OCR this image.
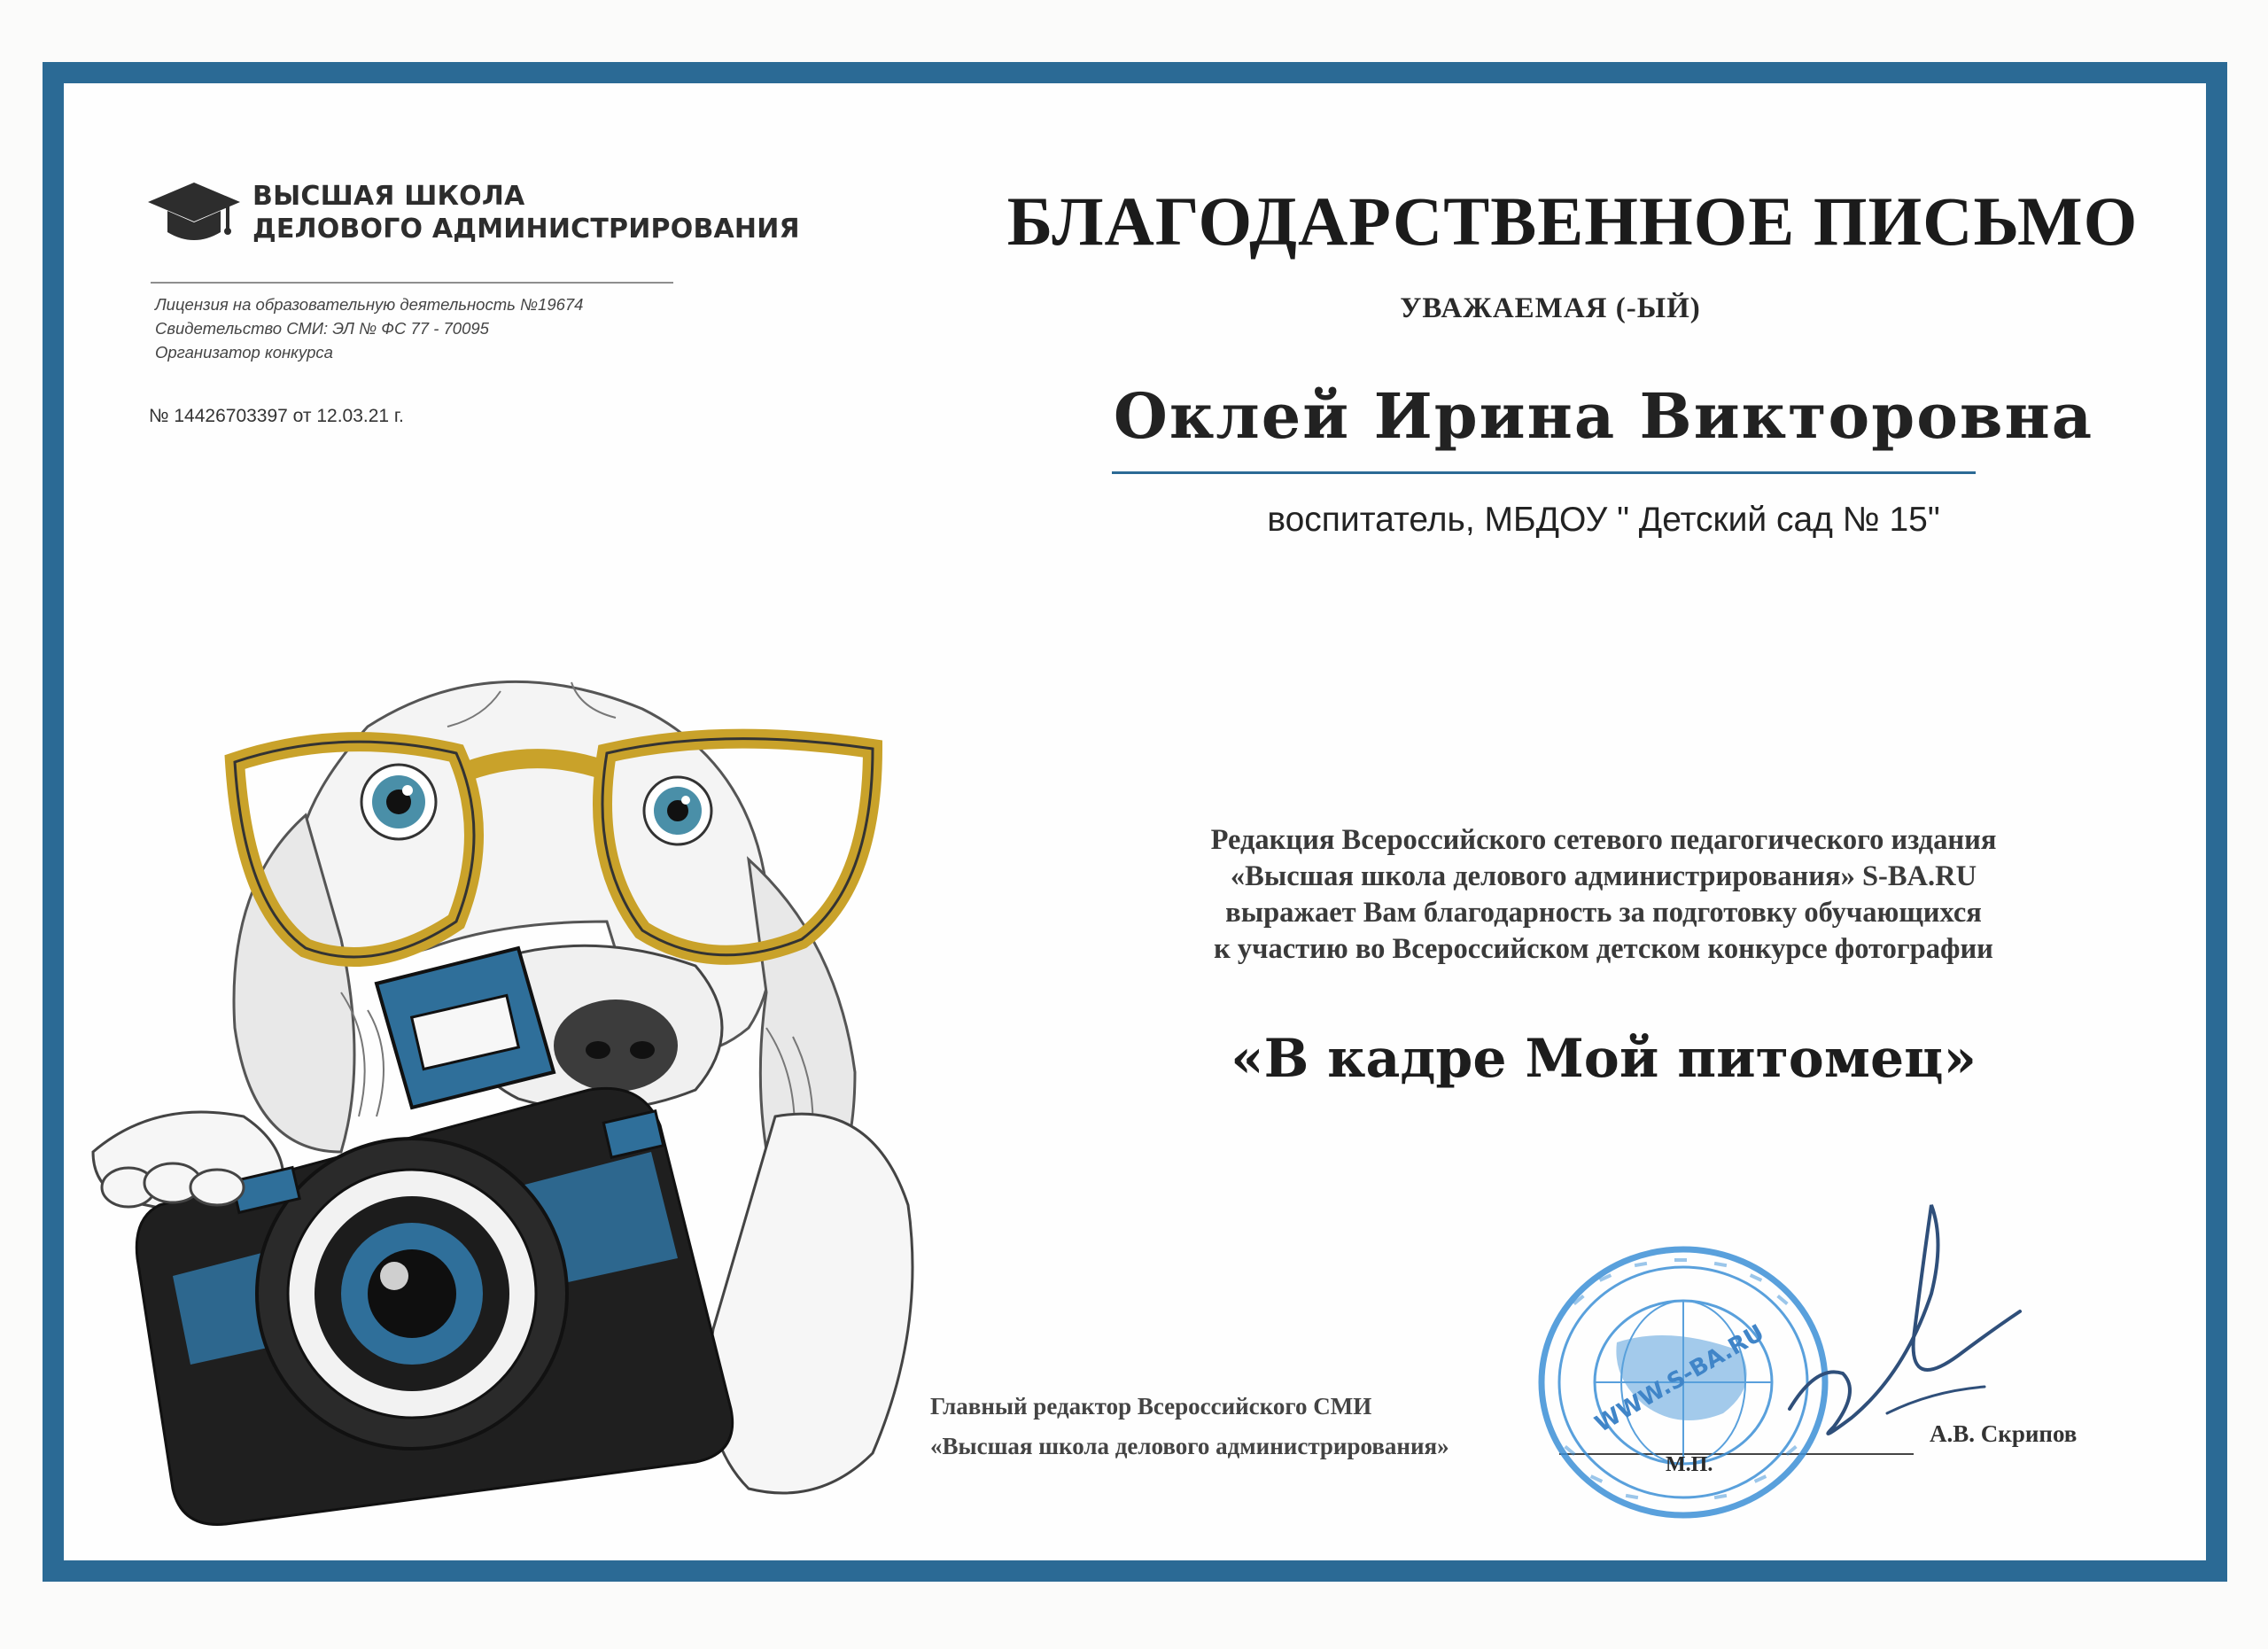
ВЫСШАЯ ШКОЛА
ДЕЛОВОГО АДМИНИСТРИРОВАНИЯ
Лицензия на образовательную деятельность №19674
Свидетельство СМИ: ЭЛ № ФС 77 - 70095
Организатор конкурса
№ 14426703397 от 12.03.21 г.
БЛАГОДАРСТВЕННОЕ ПИСЬМО
УВАЖАЕМАЯ (-ЫЙ)
Оклей Ирина Викторовна
воспитатель, МБДОУ " Детский сад № 15"
Редакция Всероссийского сетевого педагогического издания
«Высшая школа делового администрирования» S-BA.RU
выражает Вам благодарность за подготовку обучающихся
к участию во Всероссийском детском конкурсе фотографии
«В кадре Мой питомец»
Главный редактор Всероссийского СМИ
«Высшая школа делового администрирования»	А.В. Скрипов
WWW.S-BA.RU
М.П.
